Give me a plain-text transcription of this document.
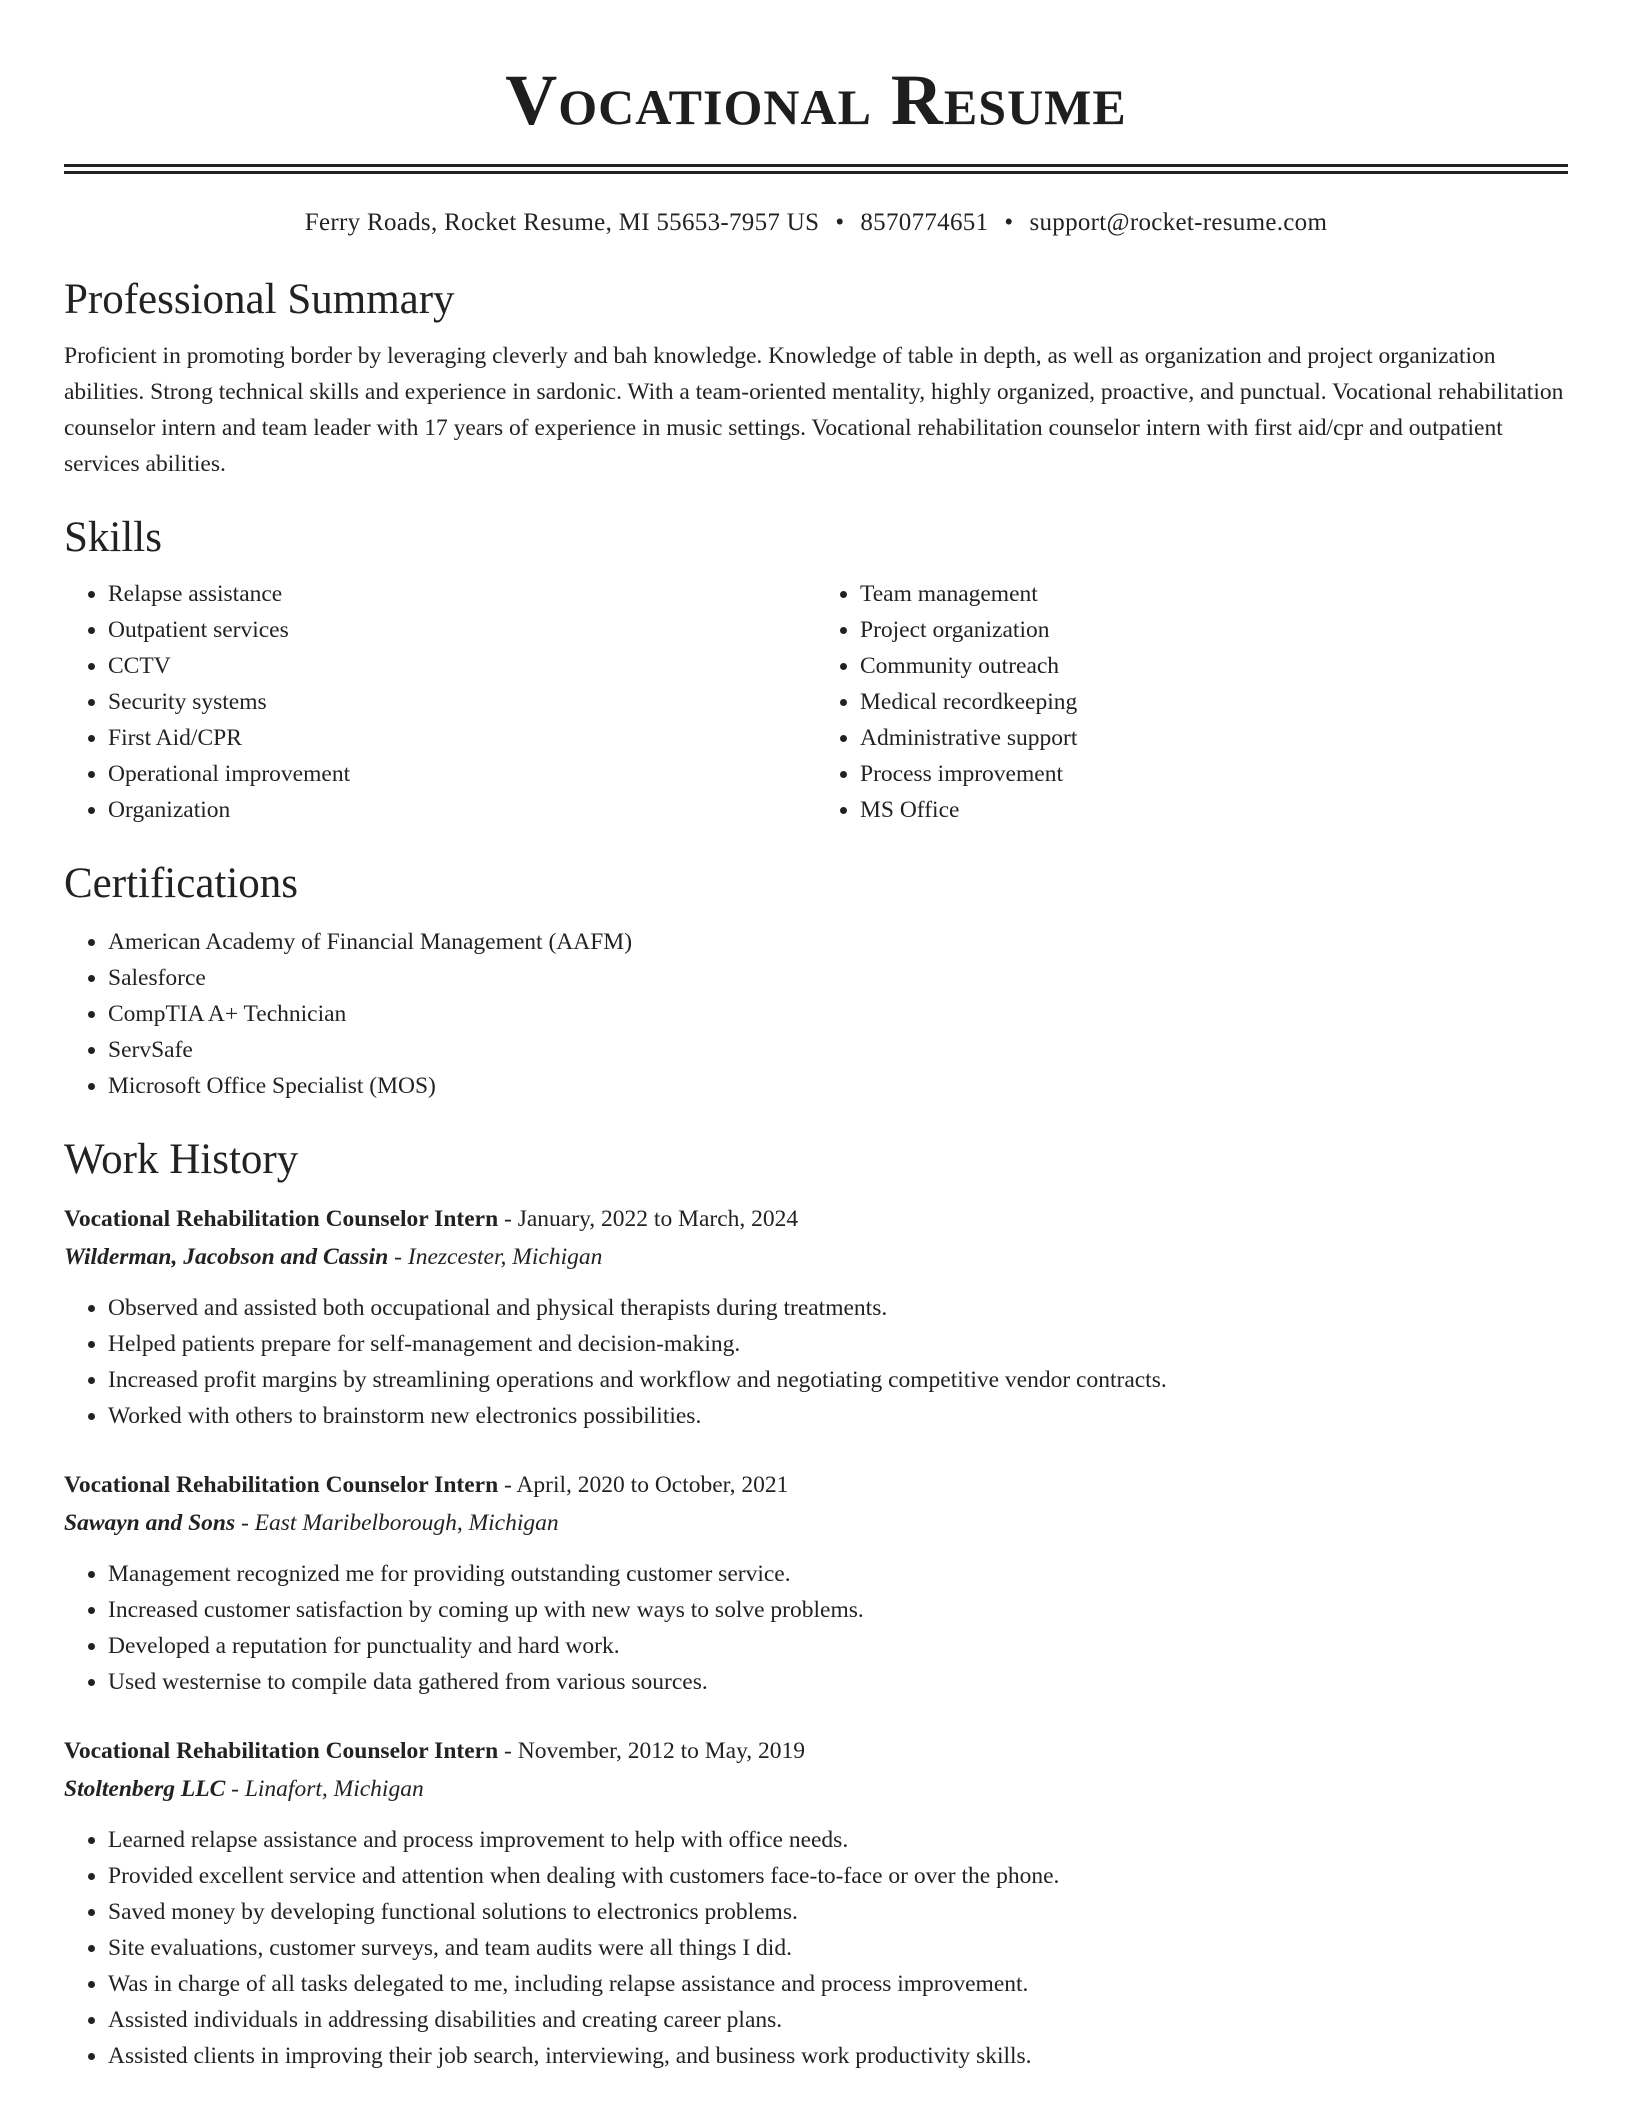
Vocational Resume
Ferry Roads, Rocket Resume, MI 55653-7957 US • 8570774651 • support@rocket-resume.com
Professional Summary

Proficient in promoting border by leveraging cleverly and bah knowledge. Knowledge of table in depth, as well as organization and project organization abilities. Strong technical skills and experience in sardonic. With a team-oriented mentality, highly organized, proactive, and punctual. Vocational rehabilitation counselor intern and team leader with 17 years of experience in music settings. Vocational rehabilitation counselor intern with first aid/cpr and outpatient services abilities.

Skills
• Relapse assistance
• Outpatient services
• CCTV
• Security systems
• First Aid/CPR
• Operational improvement
• Organization
• Team management
• Project organization
• Community outreach
• Medical recordkeeping
• Administrative support
• Process improvement
• MS Office
Certifications
• American Academy of Financial Management (AAFM)
• Salesforce
• CompTIA A+ Technician
• ServSafe
• Microsoft Office Specialist (MOS)
Work History
Vocational Rehabilitation Counselor Intern - January, 2022 to March, 2024
Wilderman, Jacobson and Cassin - Inezcester, Michigan
• Observed and assisted both occupational and physical therapists during treatments.
• Helped patients prepare for self-management and decision-making.
• Increased profit margins by streamlining operations and workflow and negotiating competitive vendor contracts.
• Worked with others to brainstorm new electronics possibilities.
Vocational Rehabilitation Counselor Intern - April, 2020 to October, 2021
Sawayn and Sons - East Maribelborough, Michigan
• Management recognized me for providing outstanding customer service.
• Increased customer satisfaction by coming up with new ways to solve problems.
• Developed a reputation for punctuality and hard work.
• Used westernise to compile data gathered from various sources.
Vocational Rehabilitation Counselor Intern - November, 2012 to May, 2019
Stoltenberg LLC - Linafort, Michigan
• Learned relapse assistance and process improvement to help with office needs.
• Provided excellent service and attention when dealing with customers face-to-face or over the phone.
• Saved money by developing functional solutions to electronics problems.
• Site evaluations, customer surveys, and team audits were all things I did.
• Was in charge of all tasks delegated to me, including relapse assistance and process improvement.
• Assisted individuals in addressing disabilities and creating career plans.
• Assisted clients in improving their job search, interviewing, and business work productivity skills.
